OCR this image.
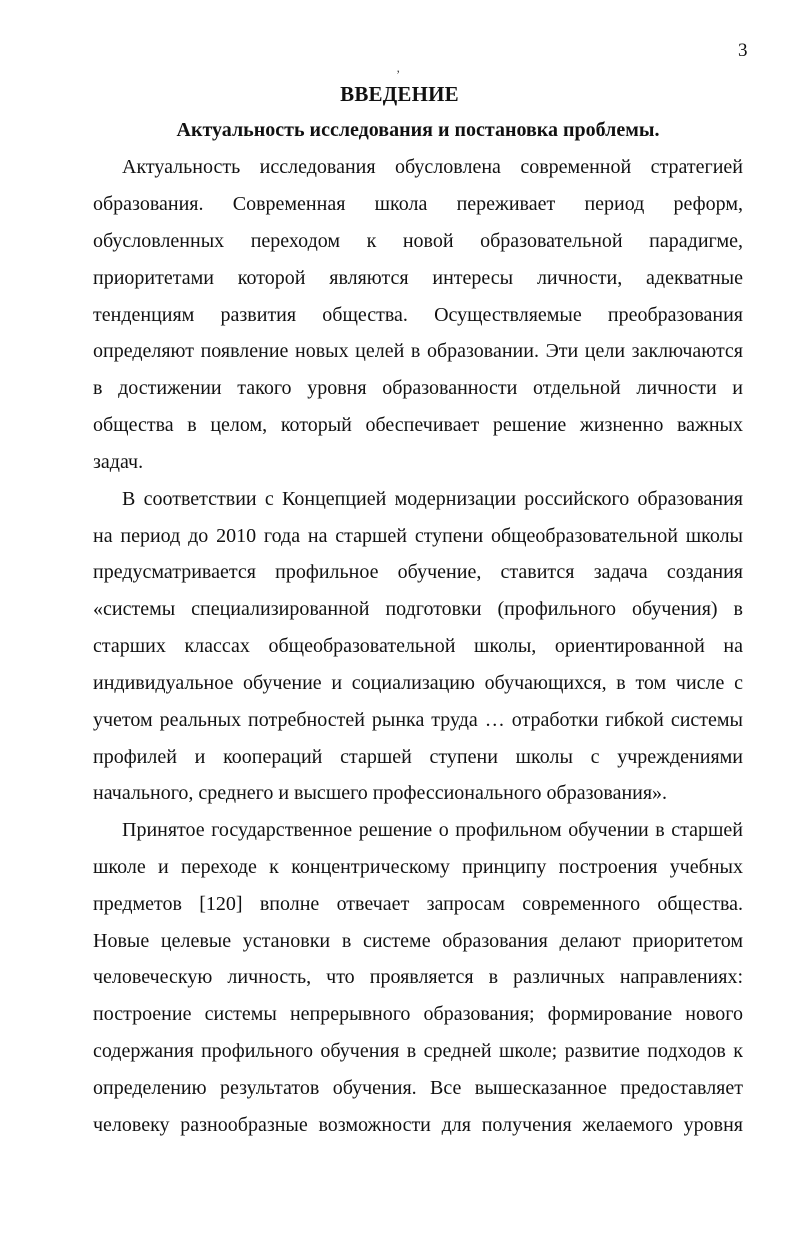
‚
3
ВВЕДЕНИЕ
Актуальность исследования и постановка проблемы.
Актуальность исследования обусловлена современной стратегией
образования. Современная школа переживает период реформ,
обусловленных переходом к новой образовательной парадигме,
приоритетами которой являются интересы личности, адекватные
тенденциям развития общества. Осуществляемые преобразования
определяют появление новых целей в образовании. Эти цели заключаются
в достижении такого уровня образованности отдельной личности и
общества в целом, который обеспечивает решение жизненно важных
задач.
В соответствии с Концепцией модернизации российского образования
на период до 2010 года на старшей ступени общеобразовательной школы
предусматривается профильное обучение, ставится задача создания
«системы специализированной подготовки (профильного обучения) в
старших классах общеобразовательной школы, ориентированной на
индивидуальное обучение и социализацию обучающихся, в том числе с
учетом реальных потребностей рынка труда … отработки гибкой системы
профилей и коопераций старшей ступени школы с учреждениями
начального, среднего и высшего профессионального образования».
Принятое государственное решение о профильном обучении в старшей
школе и переходе к концентрическому принципу построения учебных
предметов [120] вполне отвечает запросам современного общества.
Новые целевые установки в системе образования делают приоритетом
человеческую личность, что проявляется в различных направлениях:
построение системы непрерывного образования; формирование нового
содержания профильного обучения в средней школе; развитие подходов к
определению результатов обучения. Все вышесказанное предоставляет
человеку разнообразные возможности для получения желаемого уровня
